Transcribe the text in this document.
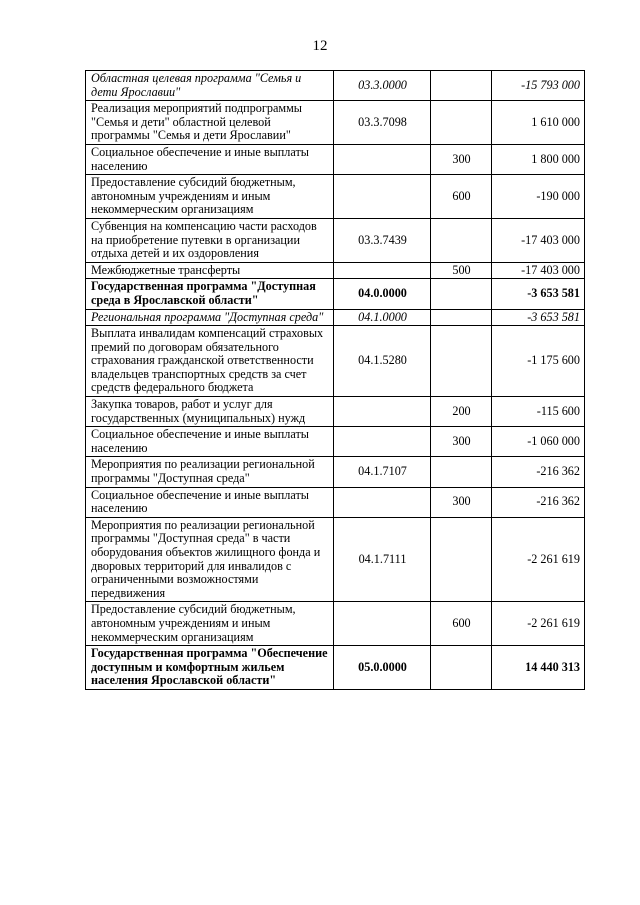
12
Областная целевая программа "Семья и дети Ярославии"	03.3.0000		-15 793 000
Реализация мероприятий подпрограммы "Семья и дети" областной целевой программы "Семья и дети Ярославии"	03.3.7098		1 610 000
Социальное обеспечение и иные выплаты населению		300	1 800 000
Предоставление субсидий бюджетным, автономным учреждениям и иным некоммерческим организациям		600	-190 000
Субвенция на компенсацию части расходов на приобретение путевки в организации отдыха детей и их оздоровления	03.3.7439		-17 403 000
Межбюджетные трансферты		500	-17 403 000
Государственная программа "Доступная среда в Ярославской области"	04.0.0000		-3 653 581
Региональная программа "Доступная среда"	04.1.0000		-3 653 581
Выплата инвалидам компенсаций страховых премий по договорам обязательного страхования гражданской ответственности владельцев транспортных средств за счет средств федерального бюджета	04.1.5280		-1 175 600
Закупка товаров, работ и услуг для государственных (муниципальных) нужд		200	-115 600
Социальное обеспечение и иные выплаты населению		300	-1 060 000
Мероприятия по реализации региональной программы "Доступная среда"	04.1.7107		-216 362
Социальное обеспечение и иные выплаты населению		300	-216 362
Мероприятия по реализации региональной программы "Доступная среда" в части оборудования объектов жилищного фонда и дворовых территорий для инвалидов с ограниченными возможностями передвижения	04.1.7111		-2 261 619
Предоставление субсидий бюджетным, автономным учреждениям и иным некоммерческим организациям		600	-2 261 619
Государственная программа "Обеспечение доступным и комфортным жильем населения Ярославской области"	05.0.0000		14 440 313
